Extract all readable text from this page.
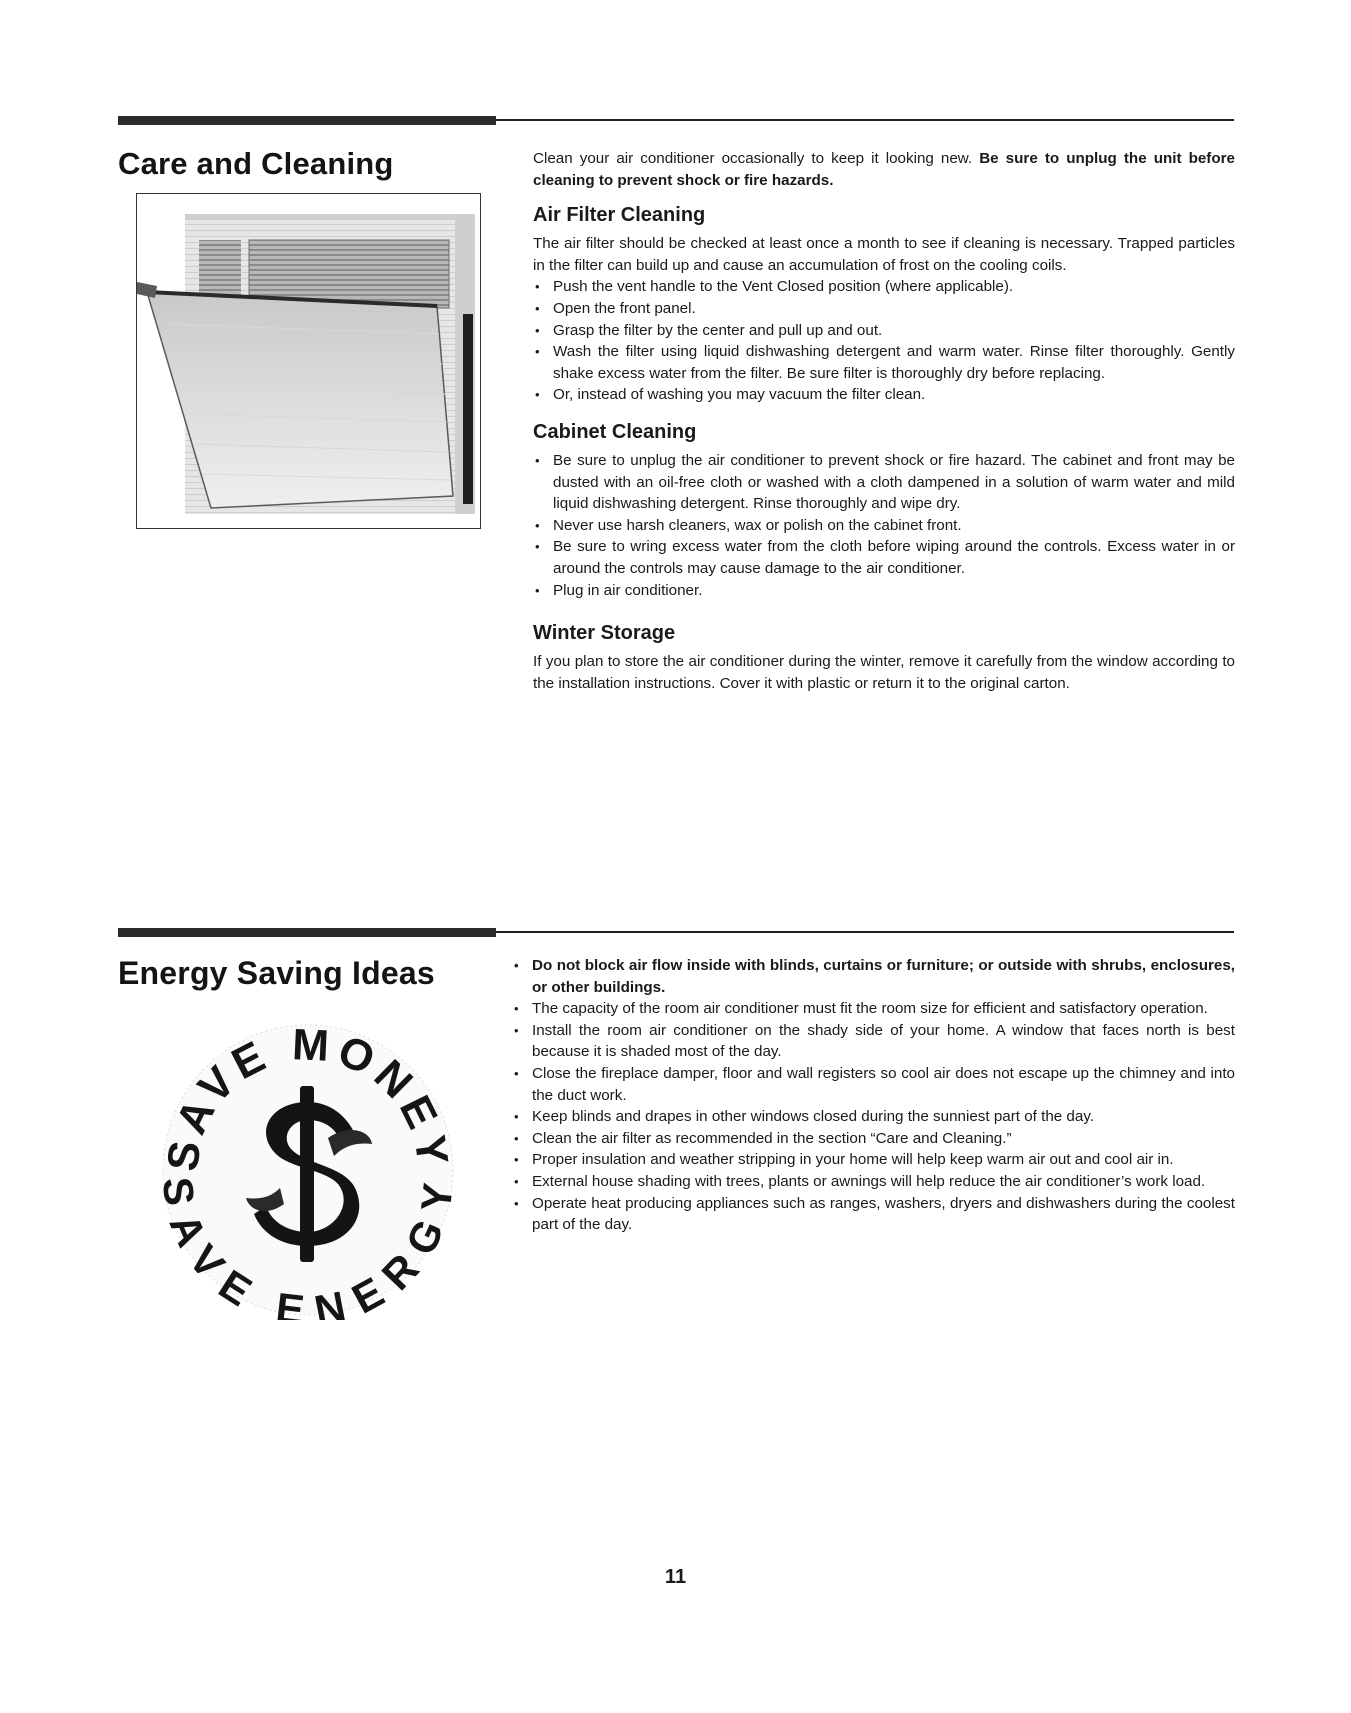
Care and Cleaning	Clean your air conditioner occasionally to keep it looking new. Be sure to unplug the unit before cleaning to prevent shock or fire hazards.

Air Filter Cleaning

The air filter should be checked at least once a month to see if cleaning is necessary. Trapped particles in the filter can build up and cause an accumulation of frost on the cooling coils.

• Push the vent handle to the Vent Closed position (where applicable).
• Open the front panel.
• Grasp the filter by the center and pull up and out.
• Wash the filter using liquid dishwashing detergent and warm water. Rinse filter thoroughly. Gently shake excess water from the filter. Be sure filter is thoroughly dry before replacing.
• Or, instead of washing you may vacuum the filter clean.
Cabinet Cleaning
• Be sure to unplug the air conditioner to prevent shock or fire hazard. The cabinet and front may be dusted with an oil-free cloth or washed with a cloth dampened in a solution of warm water and mild liquid dishwashing detergent. Rinse thoroughly and wipe dry.
• Never use harsh cleaners, wax or polish on the cabinet front.
• Be sure to wring excess water from the cloth before wiping around the controls. Excess water in or around the controls may cause damage to the air conditioner.
• Plug in air conditioner.
Winter Storage

If you plan to store the air conditioner during the winter, remove it carefully from the window according to the installation instructions. Cover it with plastic or return it to the original carton.

Energy Saving Ideas
SAVE MONEY
SAVE ENERGY
• Do not block air flow inside with blinds, curtains or furniture; or outside with shrubs, enclosures, or other buildings.
• The capacity of the room air conditioner must fit the room size for efficient and satisfactory operation.
• Install the room air conditioner on the shady side of your home. A window that faces north is best because it is shaded most of the day.
• Close the fireplace damper, floor and wall registers so cool air does not escape up the chimney and into the duct work.
• Keep blinds and drapes in other windows closed during the sunniest part of the day.
• Clean the air filter as recommended in the section “Care and Cleaning.”
• Proper insulation and weather stripping in your home will help keep warm air out and cool air in.
• External house shading with trees, plants or awnings will help reduce the air conditioner’s work load.
• Operate heat producing appliances such as ranges, washers, dryers and dishwashers during the coolest part of the day.
11
